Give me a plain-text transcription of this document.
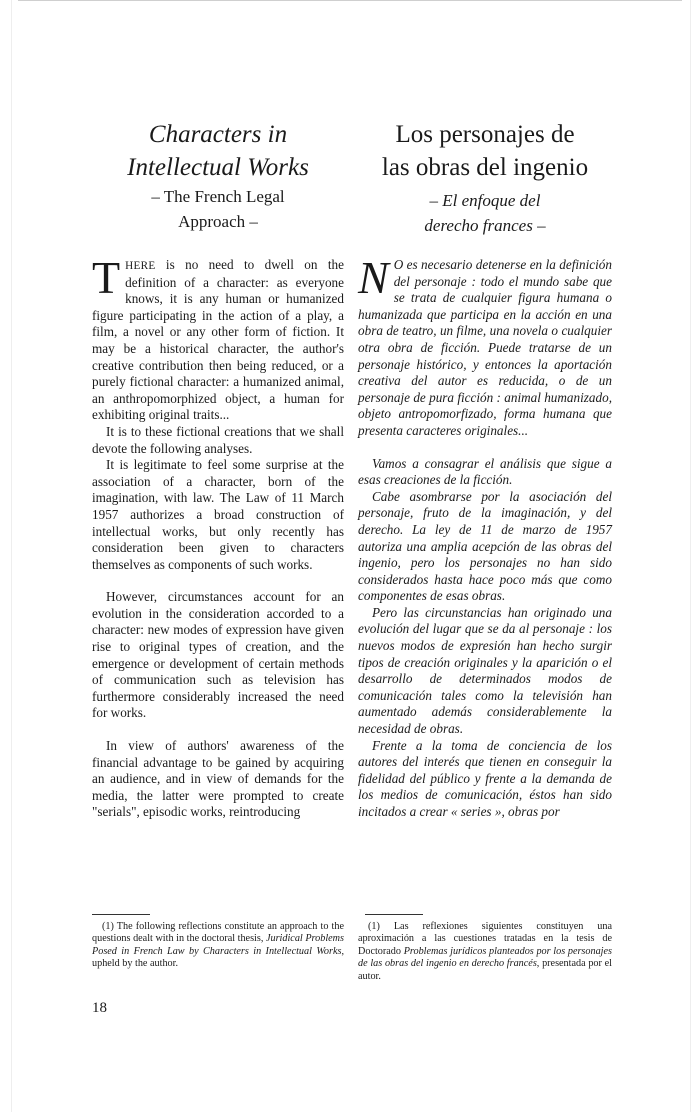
Characters in
Intellectual Works
– The French Legal
Approach –

THERE is no need to dwell on the definition of a character: as everyone knows, it is any human or humanized figure participating in the action of a play, a film, a novel or any other form of fiction. It may be a historical character, the author's creative contribution then being reduced, or a purely fictional character: a humanized animal, an anthropomorphized object, a human for exhibiting original traits...

It is to these fictional creations that we shall devote the following analyses.

It is legitimate to feel some surprise at the association of a character, born of the imagination, with law. The Law of 11 March 1957 authorizes a broad construction of intellectual works, but only recently has consideration been given to characters themselves as components of such works.

However, circumstances account for an evolution in the consideration accorded to a character: new modes of expression have given rise to original types of creation, and the emergence or development of certain methods of communication such as television has furthermore considerably increased the need for works.

In view of authors' awareness of the financial advantage to be gained by acquiring an audience, and in view of demands for the media, the latter were prompted to create "serials", episodic works, reintroducing

Los personajes de
las obras del ingenio
– El enfoque del
derecho frances –

N O es necesario detenerse en la definición del personaje : todo el mundo sabe que se trata de cualquier figura humana o humanizada que participa en la acción en una obra de teatro, un filme, una novela o cualquier otra obra de ficción. Puede tratarse de un personaje histórico, y entonces la aportación creativa del autor es reducida, o de un personaje de pura ficción : animal humanizado, objeto antropomorfizado, forma humana que presenta caracteres originales...

Vamos a consagrar el análisis que sigue a esas creaciones de la ficción.

Cabe asombrarse por la asociación del personaje, fruto de la imaginación, y del derecho. La ley de 11 de marzo de 1957 autoriza una amplia acepción de las obras del ingenio, pero los personajes no han sido considerados hasta hace poco más que como componentes de esas obras.

Pero las circunstancias han originado una evolución del lugar que se da al personaje : los nuevos modos de expresión han hecho surgir tipos de creación originales y la aparición o el desarrollo de determinados modos de comunicación tales como la televisión han aumentado además considerablemente la necesidad de obras.

Frente a la toma de conciencia de los autores del interés que tienen en conseguir la fidelidad del público y frente a la demanda de los medios de comunicación, éstos han sido incitados a crear « series », obras por

(1) The following reflections constitute an approach to the questions dealt with in the doctoral thesis, Juridical Problems Posed in French Law by Characters in Intellectual Works, upheld by the author.

(1) Las reflexiones siguientes constituyen una aproximación a las cuestiones tratadas en la tesis de Doctorado Problemas jurídicos planteados por los personajes de las obras del ingenio en derecho francés, presentada por el autor.

18
